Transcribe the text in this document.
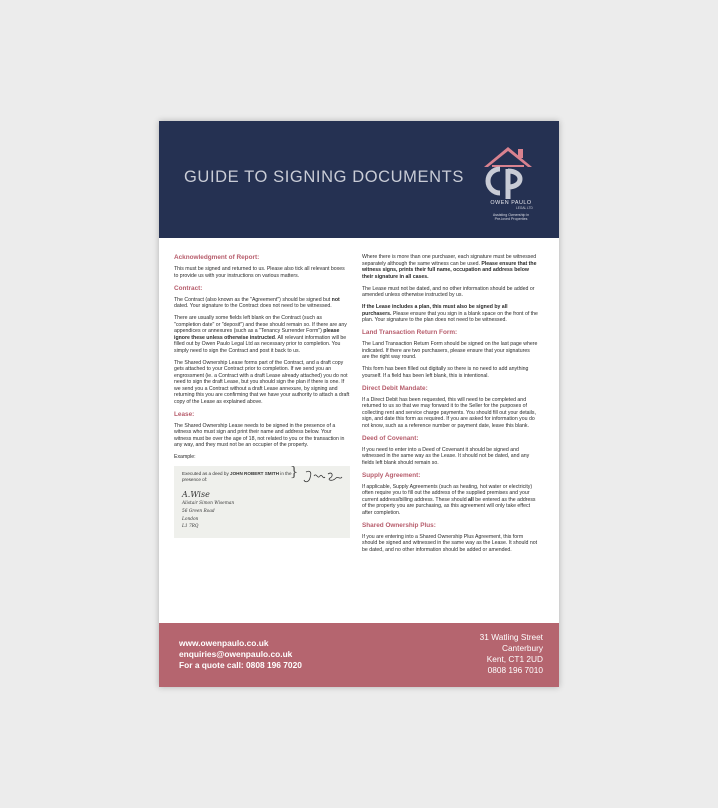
GUIDE TO SIGNING DOCUMENTS
OWEN PAULO
LEGAL LTD
Assisting Ownership in
Pre-loved Properties
Acknowledgment of Report:

This must be signed and returned to us. Please also tick all relevant boxes to provide us with your instructions on various matters.

Contract:

The Contract (also known as the "Agreement") should be signed but not dated. Your signature to the Contract does not need to be witnessed.

There are usually some fields left blank on the Contract (such as "completion date" or "deposit") and these should remain so. If there are any appendices or annexures (such as a "Tenancy Surrender Form") please ignore these unless otherwise instructed. All relevant information will be filled out by Owen Paulo Legal Ltd as necessary prior to completion. You simply need to sign the Contract and post it back to us.

The Shared Ownership Lease forms part of the Contract, and a draft copy gets attached to your Contract prior to completion. If we send you an engrossment (ie. a Contract with a draft Lease already attached) you do not need to sign the draft Lease, but you should sign the plan if there is one. If we send you a Contract without a draft Lease annexure, by signing and returning this you are confirming that we have your authority to attach a draft copy of the Lease as explained above.

Lease:

The Shared Ownership Lease needs to be signed in the presence of a witness who must sign and print their name and address below. Your witness must be over the age of 18, not related to you or the transaction in any way, and they must not be an occupier of the property.

Example:

Executed as a deed by JOHN ROBERT SMITH in the presence of:	}
A.Wise
Alistair Simon Wiseman
56 Green Road
London
L1 7RQ

Where there is more than one purchaser, each signature must be witnessed separately although the same witness can be used. Please ensure that the witness signs, prints their full name, occupation and address below their signature in all cases.

The Lease must not be dated, and no other information should be added or amended unless otherwise instructed by us.

If the Lease includes a plan, this must also be signed by all purchasers. Please ensure that you sign in a blank space on the front of the plan. Your signature to the plan does not need to be witnessed.

Land Transaction Return Form:

The Land Transaction Return Form should be signed on the last page where indicated. If there are two purchasers, please ensure that your signatures are the right way round.

This form has been filled out digitally so there is no need to add anything yourself. If a field has been left blank, this is intentional.

Direct Debit Mandate:

If a Direct Debit has been requested, this will need to be completed and returned to us so that we may forward it to the Seller for the purposes of collecting rent and service charge payments. You should fill out your details, sign, and date this form as required. If you are asked for information you do not know, such as a reference number or payment date, leave this blank.

Deed of Covenant:

If you need to enter into a Deed of Covenant it should be signed and witnessed in the same way as the Lease. It should not be dated, and any fields left blank should remain so.

Supply Agreement:

If applicable, Supply Agreements (such as heating, hot water or electricity) often require you to fill out the address of the supplied premises and your current address/billing address. These should all be entered as the address of the property you are purchasing, as this agreement will only take effect after completion.

Shared Ownership Plus:

If you are entering into a Shared Ownership Plus Agreement, this form should be signed and witnessed in the same way as the Lease. It should not be dated, and no other information should be added or amended.

www.owenpaulo.co.uk
enquiries@owenpaulo.co.uk
For a quote call: 0808 196 7020
31 Watling Street
Canterbury
Kent, CT1 2UD
0808 196 7010
